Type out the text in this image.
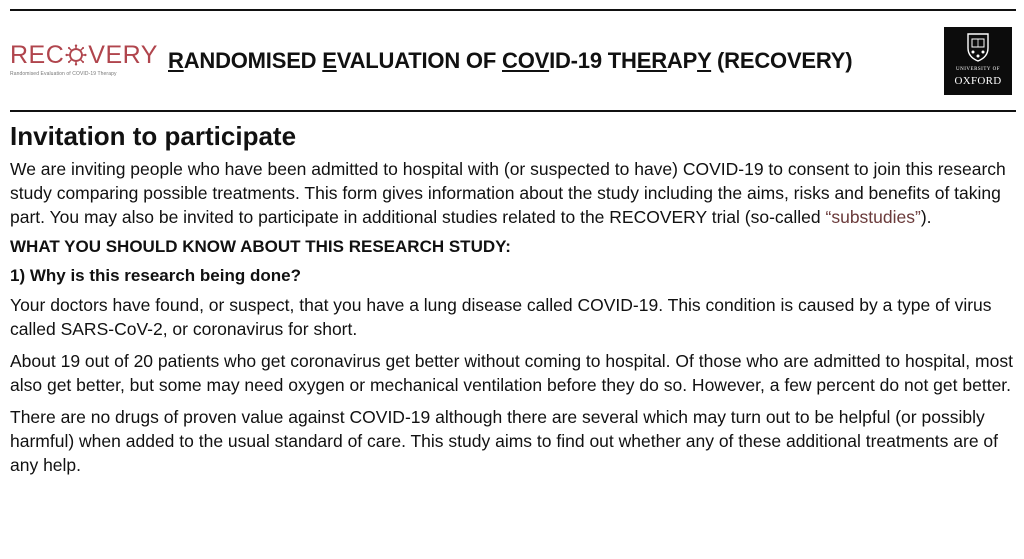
REC VERY
Randomised Evaluation of COVID-19 Therapy
RANDOMISED EVALUATION OF COVID-19 THERAPY (RECOVERY)	UNIVERSITY OF
OXFORD
Invitation to participate

We are inviting people who have been admitted to hospital with (or suspected to have) COVID-19 to consent to join this research study comparing possible treatments. This form gives information about the study including the aims, risks and benefits of taking part. You may also be invited to participate in additional studies related to the RECOVERY trial (so-called “substudies”).

WHAT YOU SHOULD KNOW ABOUT THIS RESEARCH STUDY:
1) Why is this research being done?

Your doctors have found, or suspect, that you have a lung disease called COVID-19. This condition is caused by a type of virus called SARS-CoV-2, or coronavirus for short.

About 19 out of 20 patients who get coronavirus get better without coming to hospital. Of those who are admitted to hospital, most also get better, but some may need oxygen or mechanical ventilation before they do so. However, a few percent do not get better.

There are no drugs of proven value against COVID-19 although there are several which may turn out to be helpful (or possibly harmful) when added to the usual standard of care. This study aims to find out whether any of these additional treatments are of any help.
